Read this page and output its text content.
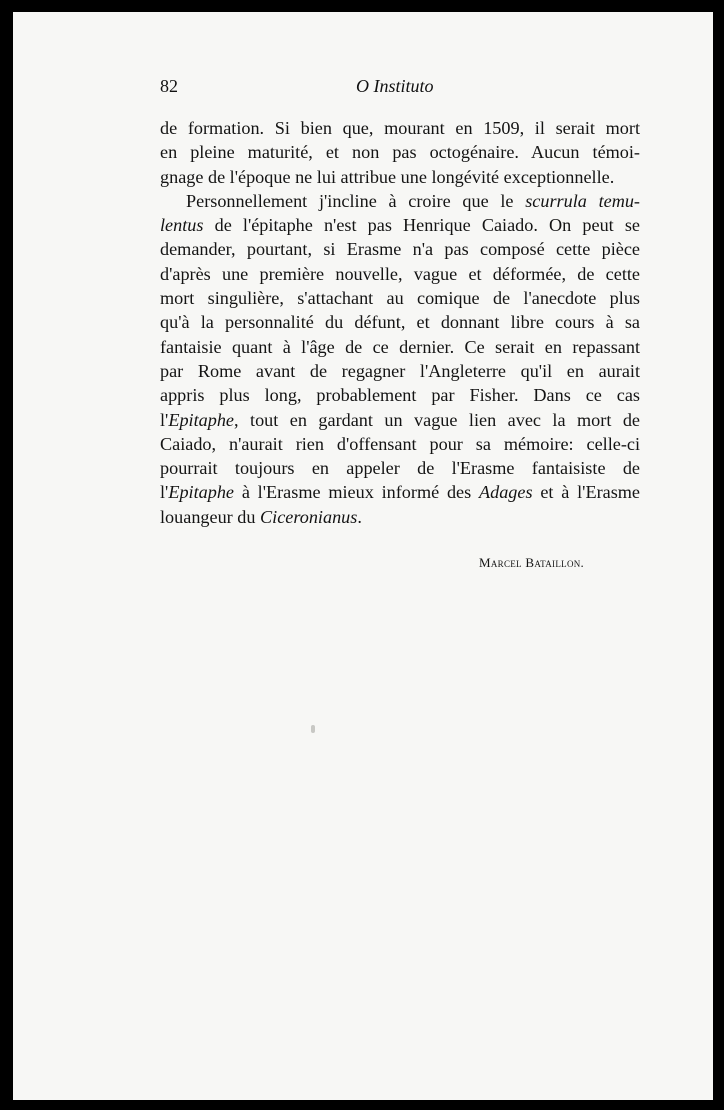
82	O Instituto
de formation. Si bien que, mourant en 1509, il serait mort
en pleine maturité, et non pas octogénaire. Aucun témoi-
gnage de l'époque ne lui attribue une longévité exceptionnelle.
Personnellement j'incline à croire que le scurrula temu-
lentus de l'épitaphe n'est pas Henrique Caiado. On peut se
demander, pourtant, si Erasme n'a pas composé cette pièce
d'après une première nouvelle, vague et déformée, de cette
mort singulière, s'attachant au comique de l'anecdote plus
qu'à la personnalité du défunt, et donnant libre cours à sa
fantaisie quant à l'âge de ce dernier. Ce serait en repassant
par Rome avant de regagner l'Angleterre qu'il en aurait
appris plus long, probablement par Fisher. Dans ce cas
l'Epitaphe, tout en gardant un vague lien avec la mort de
Caiado, n'aurait rien d'offensant pour sa mémoire: celle-ci
pourrait toujours en appeler de l'Erasme fantaisiste de
l'Epitaphe à l'Erasme mieux informé des Adages et à l'Erasme
louangeur du Ciceronianus.
Marcel Bataillon.
